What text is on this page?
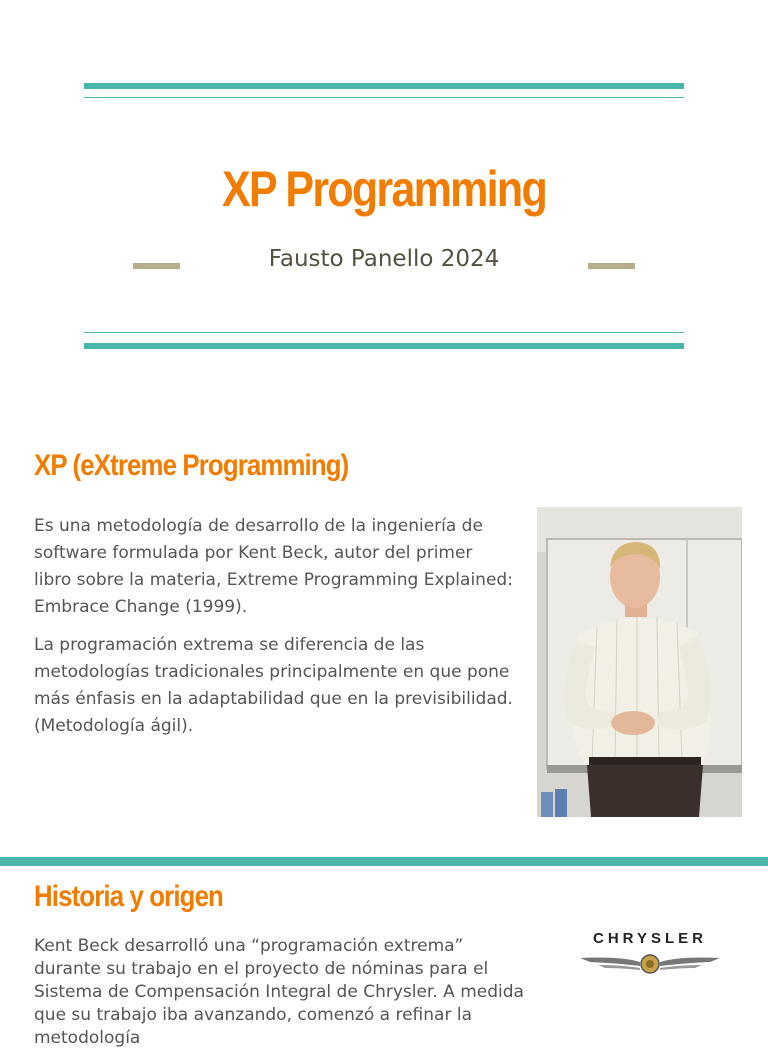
XP Programming
Fausto Panello 2024
XP (eXtreme Programming)

Es una metodología de desarrollo de la ingeniería de software formulada por Kent Beck, autor del primer libro sobre la materia, Extreme Programming Explained: Embrace Change (1999).

La programación extrema se diferencia de las metodologías tradicionales principalmente en que pone más énfasis en la adaptabilidad que en la previsibilidad. (Metodología ágil).

Historia y origen

Kent Beck desarrolló una “programación extrema” durante su trabajo en el proyecto de nóminas para el Sistema de Compensación Integral de Chrysler. A medida que su trabajo iba avanzando, comenzó a refinar la metodología

CHRYSLER
